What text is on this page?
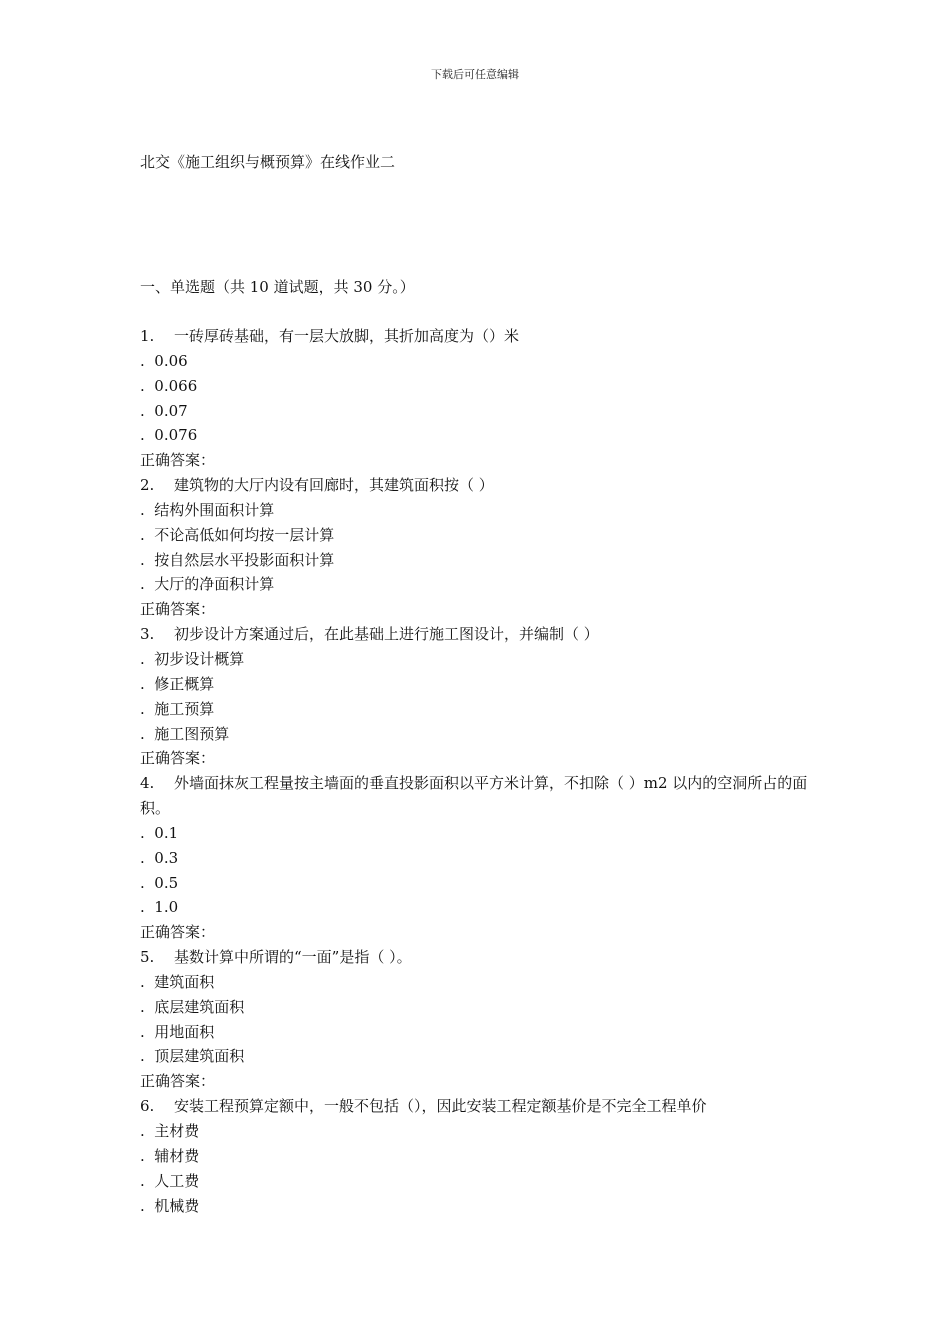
下载后可任意编辑
北交《施工组织与概预算》在线作业二
一、单选题（共 10 道试题，共 30 分。）
1. 一砖厚砖基础，有一层大放脚，其折加高度为（）米
.  0.06
.  0.066
.  0.07
.  0.076
正确答案：
2. 建筑物的大厅内设有回廊时，其建筑面积按（ ）
.  结构外围面积计算
.  不论高低如何均按一层计算
.  按自然层水平投影面积计算
.  大厅的净面积计算
正确答案：
3. 初步设计方案通过后，在此基础上进行施工图设计，并编制（ ）
.  初步设计概算
.  修正概算
.  施工预算
.  施工图预算
正确答案：
4. 外墙面抹灰工程量按主墙面的垂直投影面积以平方米计算，不扣除（ ）m2 以内的空洞所占的面积。
.  0.1
.  0.3
.  0.5
.  1.0
正确答案：
5. 基数计算中所谓的“一面”是指（ ）。
.  建筑面积
.  底层建筑面积
.  用地面积
.  顶层建筑面积
正确答案：
6. 安装工程预算定额中，一般不包括（），因此安装工程定额基价是不完全工程单价
.  主材费
.  辅材费
.  人工费
.  机械费
